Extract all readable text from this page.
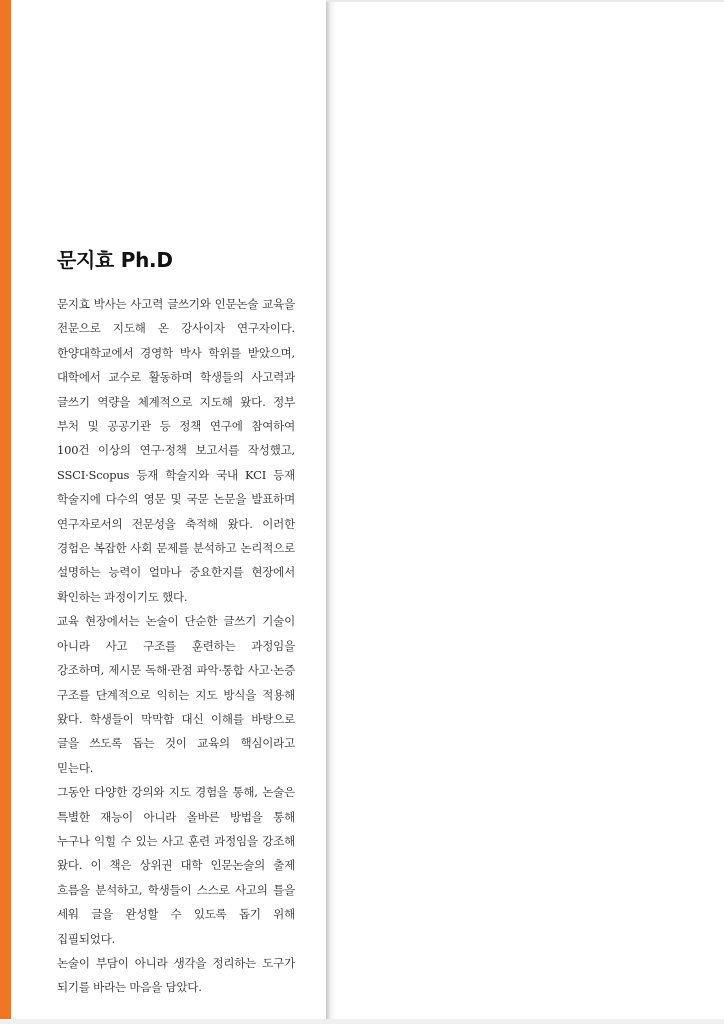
문지효 Ph.D

문지효 박사는 사고력 글쓰기와 인문논술 교육을 전문으로 지도해 온 강사이자 연구자이다. 한양대학교에서 경영학 박사 학위를 받았으며, 대학에서 교수로 활동하며 학생들의 사고력과 글쓰기 역량을 체계적으로 지도해 왔다. 정부 부처 및 공공기관 등 정책 연구에 참여하여 100건 이상의 연구·정책 보고서를 작성했고, SSCI·Scopus 등재 학술지와 국내 KCI 등재 학술지에 다수의 영문 및 국문 논문을 발표하며 연구자로서의 전문성을 축적해 왔다. 이러한 경험은 복잡한 사회 문제를 분석하고 논리적으로 설명하는 능력이 얼마나 중요한지를 현장에서 확인하는 과정이기도 했다.

교육 현장에서는 논술이 단순한 글쓰기 기술이 아니라 사고 구조를 훈련하는 과정임을 강조하며, 제시문 독해·관점 파악·통합 사고·논증 구조를 단계적으로 익히는 지도 방식을 적용해 왔다. 학생들이 막막함 대신 이해를 바탕으로 글을 쓰도록 돕는 것이 교육의 핵심이라고 믿는다.

그동안 다양한 강의와 지도 경험을 통해, 논술은 특별한 재능이 아니라 올바른 방법을 통해 누구나 익힐 수 있는 사고 훈련 과정임을 강조해 왔다. 이 책은 상위권 대학 인문논술의 출제 흐름을 분석하고, 학생들이 스스로 사고의 틀을 세워 글을 완성할 수 있도록 돕기 위해 집필되었다.

논술이 부담이 아니라 생각을 정리하는 도구가 되기를 바라는 마음을 담았다.
